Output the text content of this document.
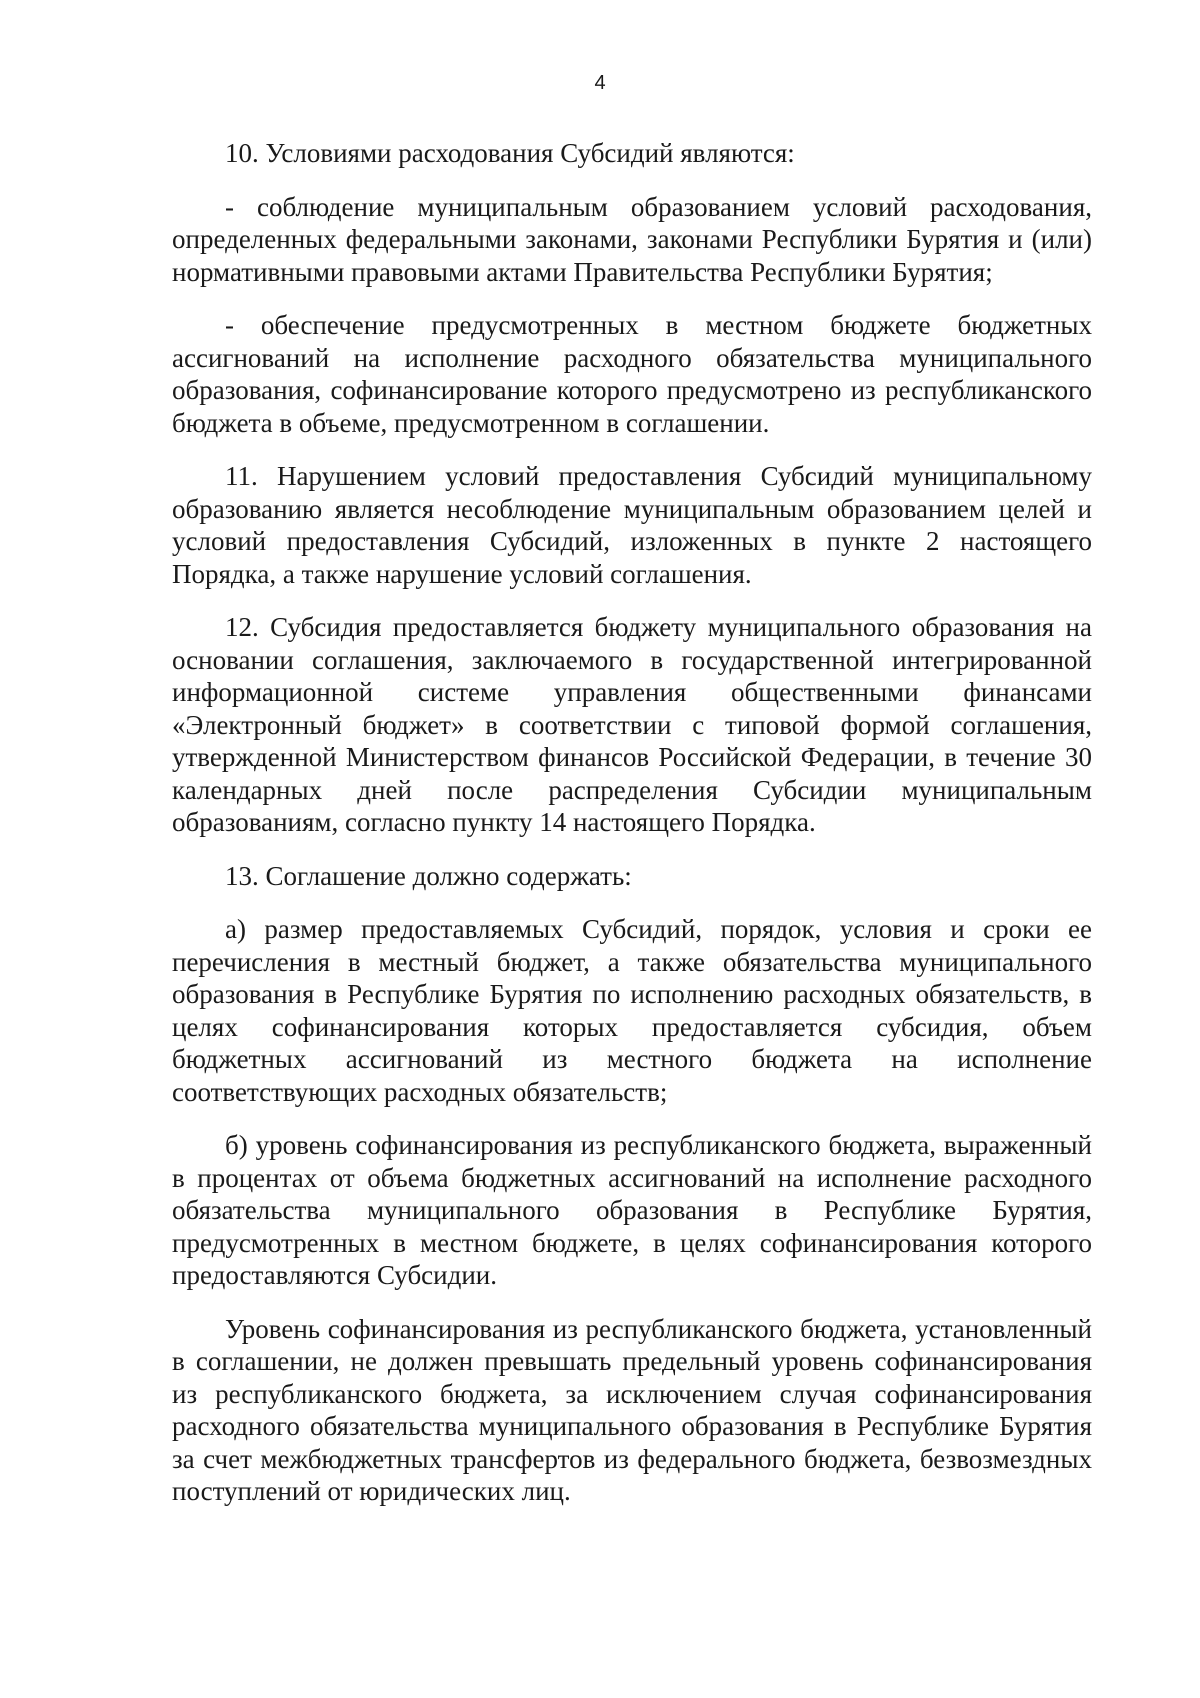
4

10. Условиями расходования Субсидий являются:

- соблюдение муниципальным образованием условий расходования, определенных федеральными законами, законами Республики Бурятия и (или) нормативными правовыми актами Правительства Республики Бурятия;

- обеспечение предусмотренных в местном бюджете бюджетных ассигнований на исполнение расходного обязательства муниципального образования, софинансирование которого предусмотрено из республиканского бюджета в объеме, предусмотренном в соглашении.

11. Нарушением условий предоставления Субсидий муниципальному образованию является несоблюдение муниципальным образованием целей и условий предоставления Субсидий, изложенных в пункте 2 настоящего Порядка, а также нарушение условий соглашения.

12. Субсидия предоставляется бюджету муниципального образования на основании соглашения, заключаемого в государственной интегрированной информационной системе управления общественными финансами «Электронный бюджет» в соответствии с типовой формой соглашения, утвержденной Министерством финансов Российской Федерации, в течение 30 календарных дней после распределения Субсидии муниципальным образованиям, согласно пункту 14 настоящего Порядка.

13. Соглашение должно содержать:

а) размер предоставляемых Субсидий, порядок, условия и сроки ее перечисления в местный бюджет, а также обязательства муниципального образования в Республике Бурятия по исполнению расходных обязательств, в целях софинансирования которых предоставляется субсидия, объем бюджетных ассигнований из местного бюджета на исполнение соответствующих расходных обязательств;

б) уровень софинансирования из республиканского бюджета, выраженный в процентах от объема бюджетных ассигнований на исполнение расходного обязательства муниципального образования в Республике Бурятия, предусмотренных в местном бюджете, в целях софинансирования которого предоставляются Субсидии.

Уровень софинансирования из республиканского бюджета, установленный в соглашении, не должен превышать предельный уровень софинансирования из республиканского бюджета, за исключением случая софинансирования расходного обязательства муниципального образования в Республике Бурятия за счет межбюджетных трансфертов из федерального бюджета, безвозмездных поступлений от юридических лиц.
